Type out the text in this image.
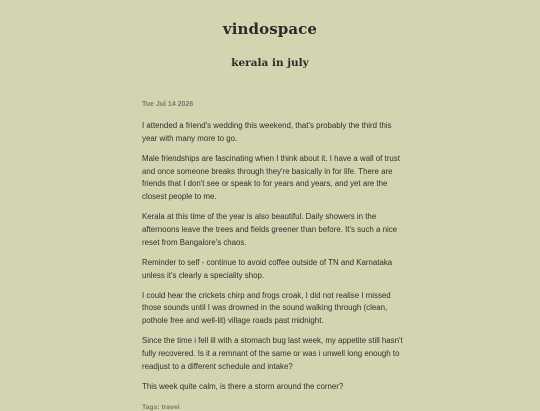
vindospace
kerala in july
Tue Jul 14 2026

I attended a friend's wedding this weekend, that's probably the third this year with many more to go.

Male friendships are fascinating when I think about it. I have a wall of trust and once someone breaks through they're basically in for life. There are friends that I don't see or speak to for years and years, and yet are the closest people to me.

Kerala at this time of the year is also beautiful. Daily showers in the afternoons leave the trees and fields greener than before. It's such a nice reset from Bangalore's chaos.

Reminder to self - continue to avoid coffee outside of TN and Karnataka unless it's clearly a speciality shop.

I could hear the crickets chirp and frogs croak, I did not realise I missed those sounds until I was drowned in the sound walking through (clean, pothole free and well-lit) village roads past midnight.

Since the time i fell ill with a stomach bug last week, my appetite still hasn't fully recovered. Is it a remnant of the same or was i unwell long enough to readjust to a different schedule and intake?

This week quite calm, is there a storm around the corner?

Tags: travel
